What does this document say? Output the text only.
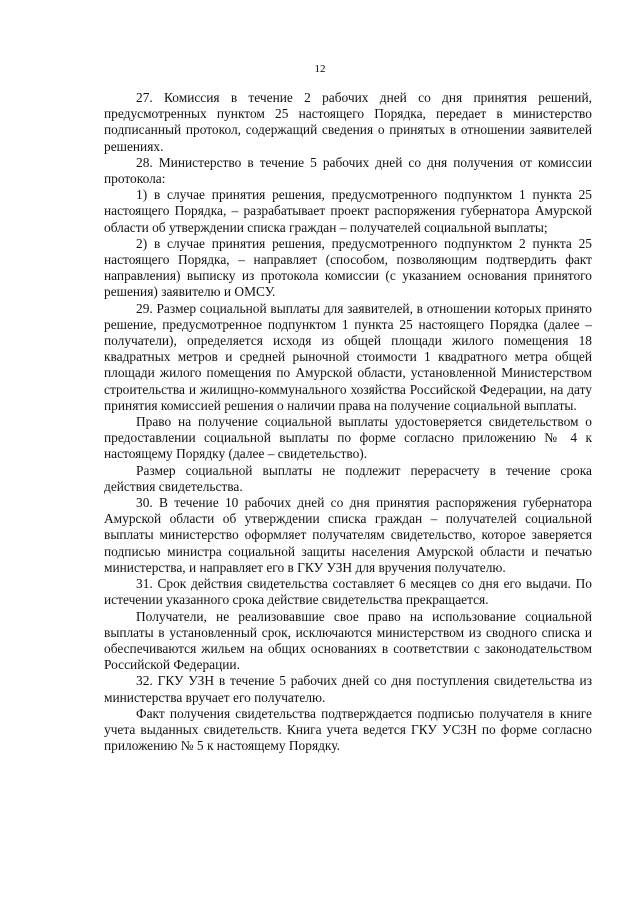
12

27. Комиссия в течение 2 рабочих дней со дня принятия решений, предусмотренных пунктом 25 настоящего Порядка, передает в министерство подписанный протокол, содержащий сведения о принятых в отношении заявителей решениях.

28. Министерство в течение 5 рабочих дней со дня получения от комиссии протокола:

1) в случае принятия решения, предусмотренного подпунктом 1 пункта 25 настоящего Порядка, – разрабатывает проект распоряжения губернатора Амурской области об утверждении списка граждан – получателей социальной выплаты;

2) в случае принятия решения, предусмотренного подпунктом 2 пункта 25 настоящего Порядка, – направляет (способом, позволяющим подтвердить факт направления) выписку из протокола комиссии (с указанием основания принятого решения) заявителю и ОМСУ.

29. Размер социальной выплаты для заявителей, в отношении которых принято решение, предусмотренное подпунктом 1 пункта 25 настоящего Порядка (далее – получатели), определяется исходя из общей площади жилого помещения 18 квадратных метров и средней рыночной стоимости 1 квадратного метра общей площади жилого помещения по Амурской области, установленной Министерством строительства и жилищно-коммунального хозяйства Российской Федерации, на дату принятия комиссией решения о наличии права на получение социальной выплаты.

Право на получение социальной выплаты удостоверяется свидетельством о предоставлении социальной выплаты по форме согласно приложению № 4 к настоящему Порядку (далее – свидетельство).

Размер социальной выплаты не подлежит перерасчету в течение срока действия свидетельства.

30. В течение 10 рабочих дней со дня принятия распоряжения губернатора Амурской области об утверждении списка граждан – получателей социальной выплаты министерство оформляет получателям свидетельство, которое заверяется подписью министра социальной защиты населения Амурской области и печатью министерства, и направляет его в ГКУ УЗН для вручения получателю.

31. Срок действия свидетельства составляет 6 месяцев со дня его выдачи. По истечении указанного срока действие свидетельства прекращается.

Получатели, не реализовавшие свое право на использование социальной выплаты в установленный срок, исключаются министерством из сводного списка и обеспечиваются жильем на общих основаниях в соответствии с законодательством Российской Федерации.

32. ГКУ УЗН в течение 5 рабочих дней со дня поступления свидетельства из министерства вручает его получателю.

Факт получения свидетельства подтверждается подписью получателя в книге учета выданных свидетельств. Книга учета ведется ГКУ УСЗН по форме согласно приложению № 5 к настоящему Порядку.
